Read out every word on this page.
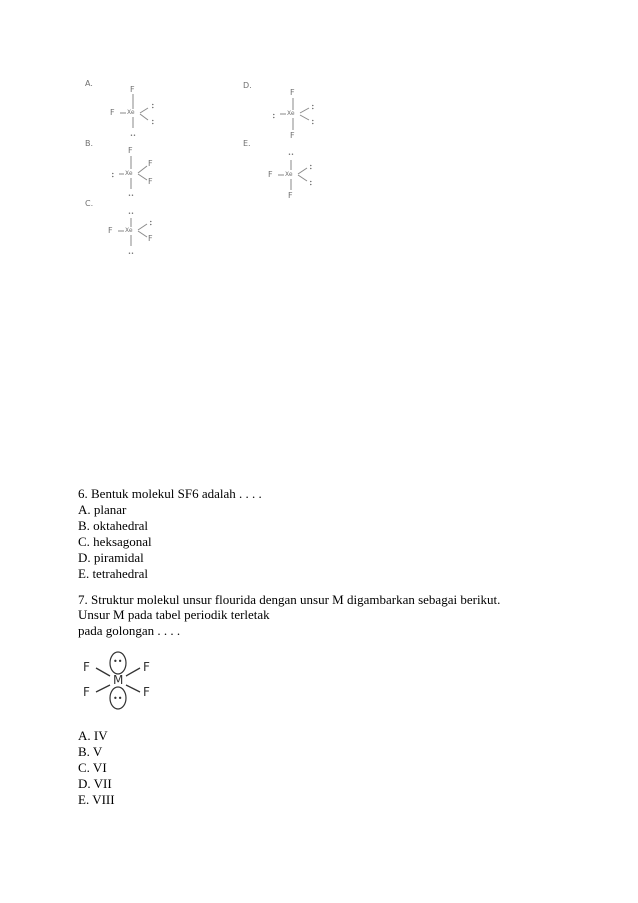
A.
F
F Xe
••
••
••
B.
F
F
F
Xe
••
••
C.
••
F Xe
••
F
••
D.
F
•• Xe
••
••
F
E.
••
F Xe
••
••
F
6. Bentuk molekul SF6 adalah . . . .
A. planar
B. oktahedral
C. heksagonal
D. piramidal
E. tetrahedral
7. Struktur molekul unsur flourida dengan unsur M digambarkan sebagai berikut.
Unsur M pada tabel periodik terletak
pada golongan . . . .
••
F	F
M
F	F
••
A. IV
B. V
C. VI
D. VII
E. VIII
